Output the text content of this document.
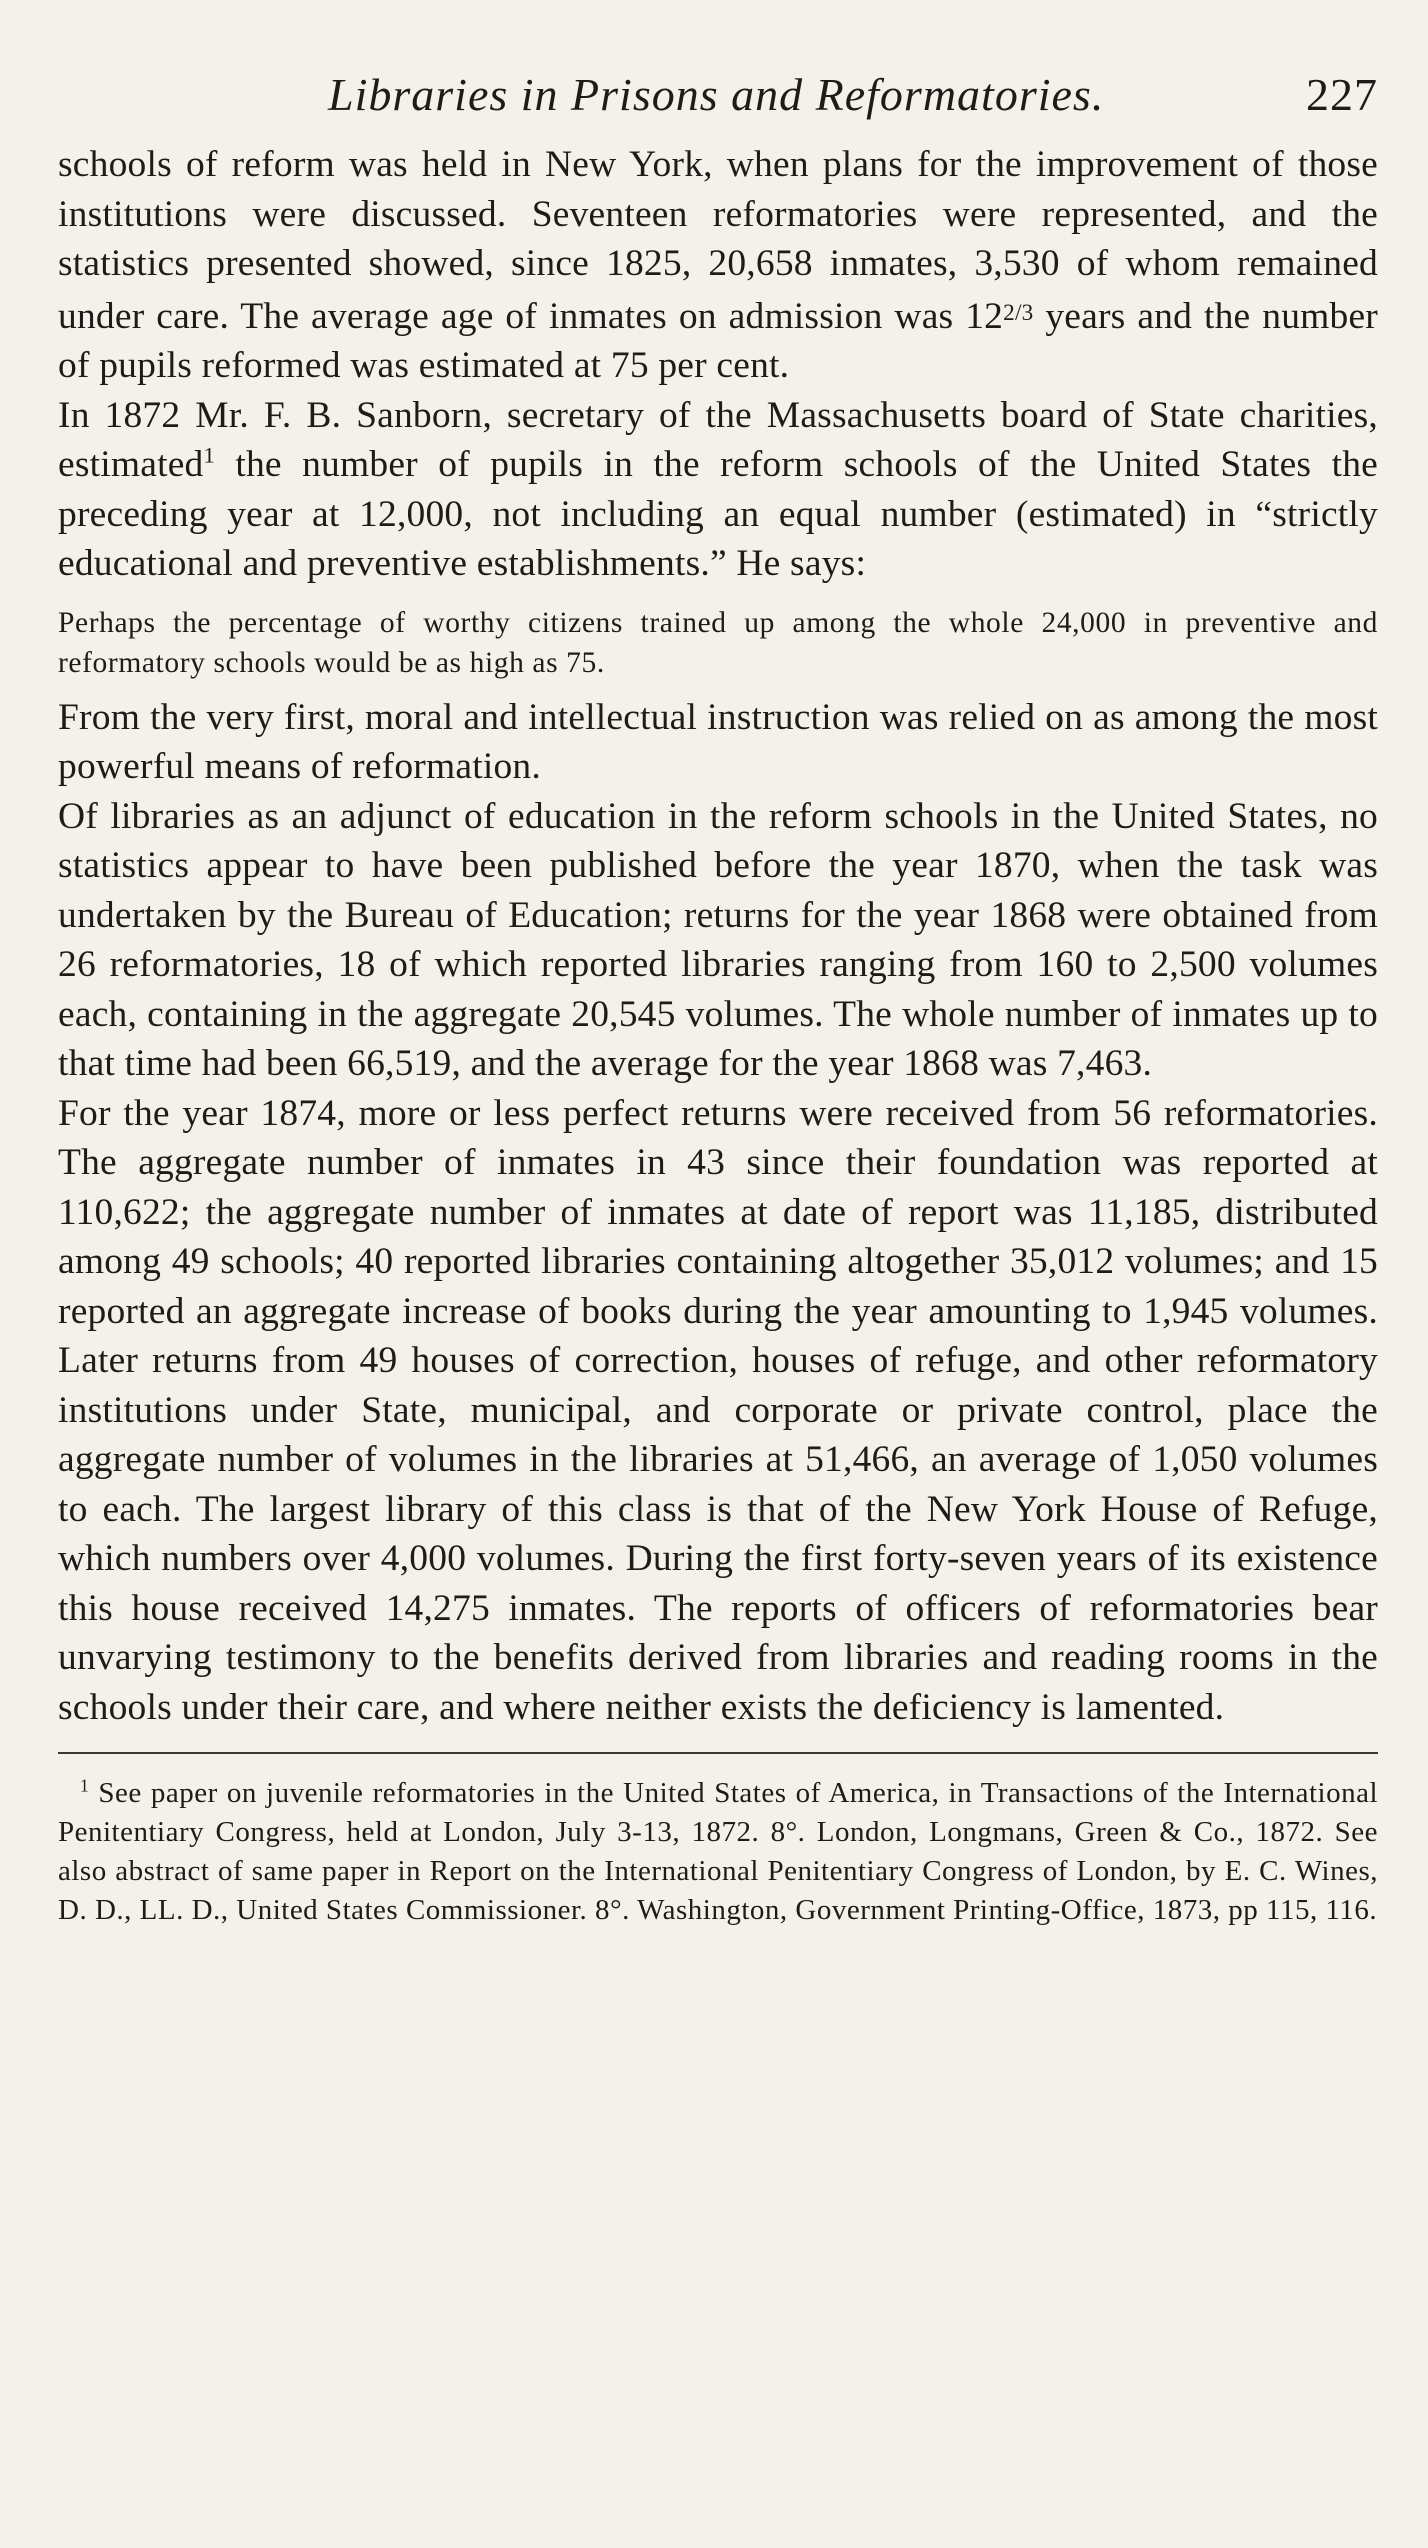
Libraries in Prisons and Reformatories.	227

schools of reform was held in New York, when plans for the improvement of those institutions were discussed. Seventeen reformatories were represented, and the statistics presented showed, since 1825, 20,658 inmates, 3,530 of whom remained under care. The average age of inmates on admission was $12^{2/3}$ years and the number of pupils reformed was estimated at 75 per cent.

In 1872 Mr. F. B. Sanborn, secretary of the Massachusetts board of State charities, estimated$^1$ the number of pupils in the reform schools of the United States the preceding year at 12,000, not including an equal number (estimated) in “strictly educational and preventive establishments.” He says:

Perhaps the percentage of worthy citizens trained up among the whole 24,000 in preventive and reformatory schools would be as high as 75.

From the very first, moral and intellectual instruction was relied on as among the most powerful means of reformation.

Of libraries as an adjunct of education in the reform schools in the United States, no statistics appear to have been published before the year 1870, when the task was undertaken by the Bureau of Education; returns for the year 1868 were obtained from 26 reformatories, 18 of which reported libraries ranging from 160 to 2,500 volumes each, containing in the aggregate 20,545 volumes. The whole number of inmates up to that time had been 66,519, and the average for the year 1868 was 7,463.

For the year 1874, more or less perfect returns were received from 56 reformatories. The aggregate number of inmates in 43 since their foundation was reported at 110,622; the aggregate number of inmates at date of report was 11,185, distributed among 49 schools; 40 reported libraries containing altogether 35,012 volumes; and 15 reported an aggregate increase of books during the year amounting to 1,945 volumes. Later returns from 49 houses of correction, houses of refuge, and other reformatory institutions under State, municipal, and corporate or private control, place the aggregate number of volumes in the libraries at 51,466, an average of 1,050 volumes to each. The largest library of this class is that of the New York House of Refuge, which numbers over 4,000 volumes. During the first forty-seven years of its existence this house received 14,275 inmates. The reports of officers of reformatories bear unvarying testimony to the benefits derived from libraries and reading rooms in the schools under their care, and where neither exists the deficiency is lamented.

$^1$ See paper on juvenile reformatories in the United States of America, in Transactions of the International Penitentiary Congress, held at London, July 3-13, 1872. 8°. London, Longmans, Green & Co., 1872. See also abstract of same paper in Report on the International Penitentiary Congress of London, by E. C. Wines, D. D., LL. D., United States Commissioner. 8°. Washington, Government Printing-Office, 1873, pp 115, 116.
